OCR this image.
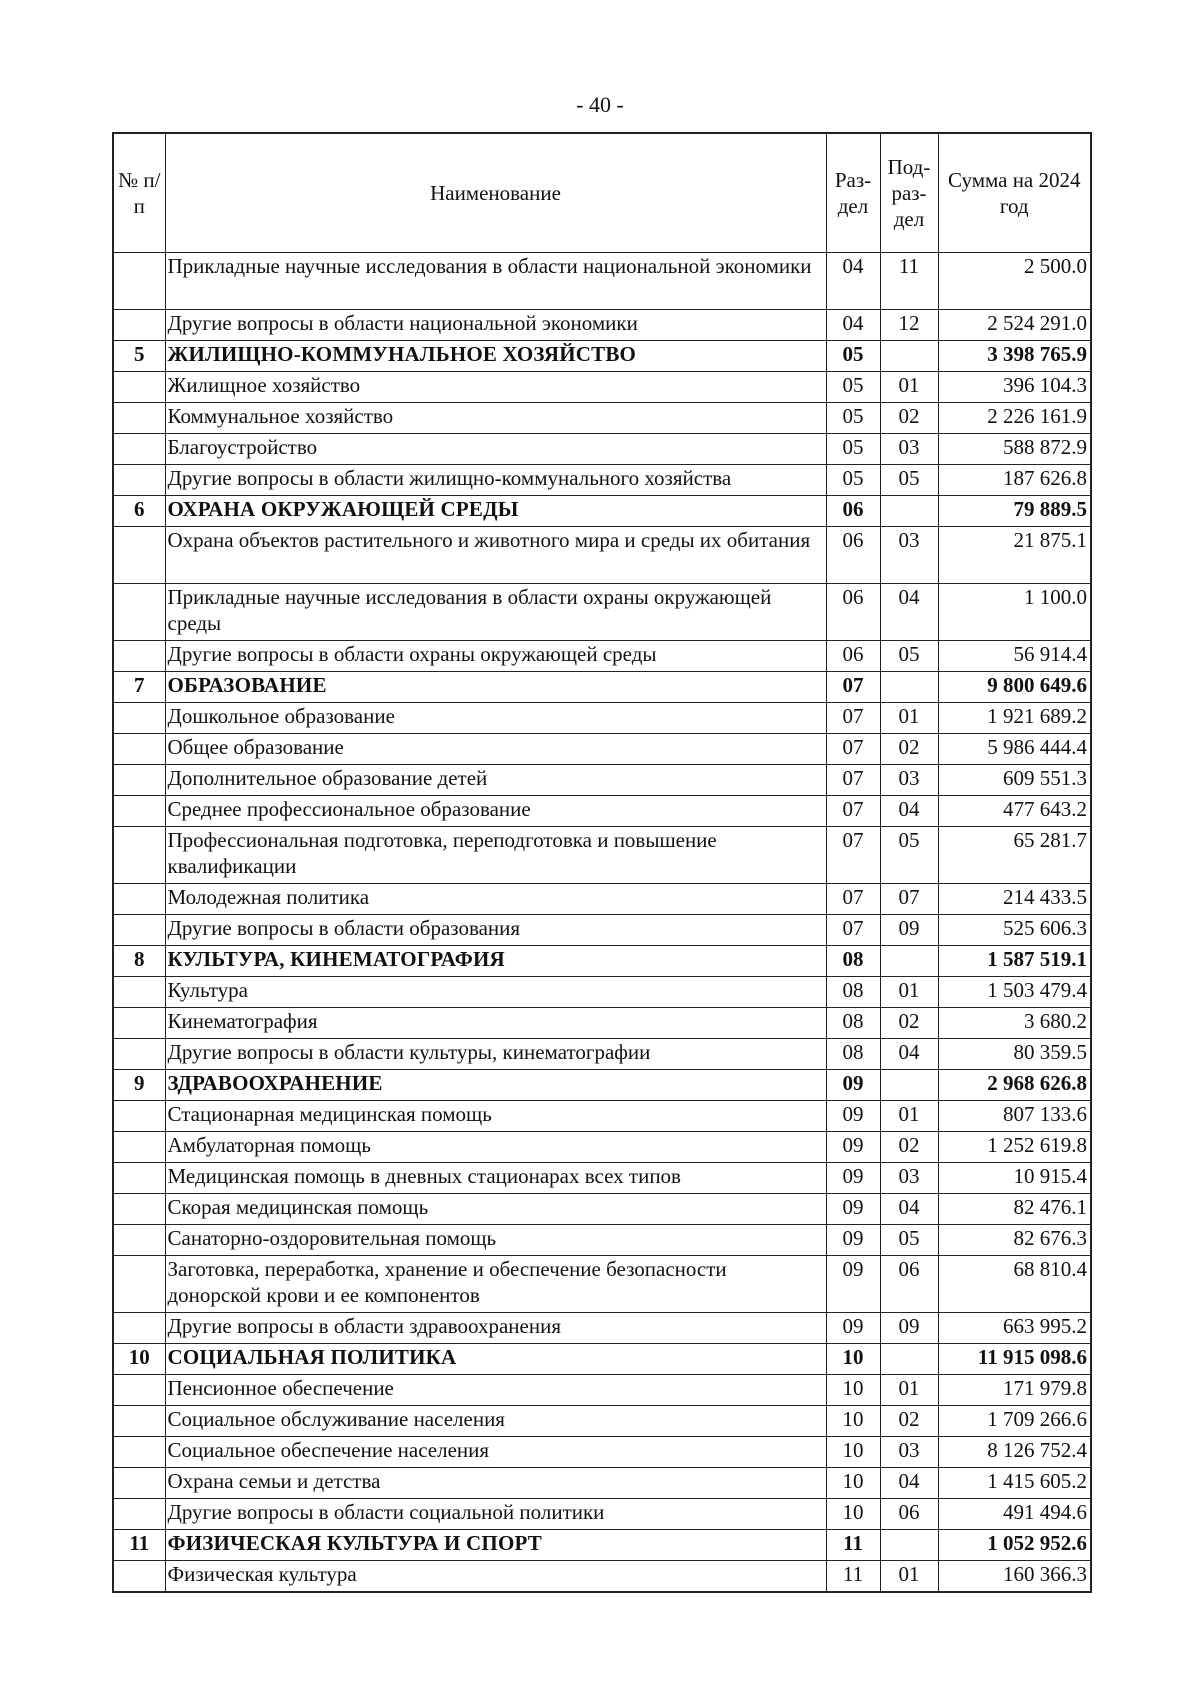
- 40 -
№ п/п	Наименование	Раз-дел	Под-раз-дел	Сумма на 2024 год
	Прикладные научные исследования в области национальной экономики	04	11	2 500.0
	Другие вопросы в области национальной экономики	04	12	2 524 291.0
5	ЖИЛИЩНО-КОММУНАЛЬНОЕ ХОЗЯЙСТВО	05		3 398 765.9
	Жилищное хозяйство	05	01	396 104.3
	Коммунальное хозяйство	05	02	2 226 161.9
	Благоустройство	05	03	588 872.9
	Другие вопросы в области жилищно-коммунального хозяйства	05	05	187 626.8
6	ОХРАНА ОКРУЖАЮЩЕЙ СРЕДЫ	06		79 889.5
	Охрана объектов растительного и животного мира и среды их обитания	06	03	21 875.1
	Прикладные научные исследования в области охраны окружающей среды	06	04	1 100.0
	Другие вопросы в области охраны окружающей среды	06	05	56 914.4
7	ОБРАЗОВАНИЕ	07		9 800 649.6
	Дошкольное образование	07	01	1 921 689.2
	Общее образование	07	02	5 986 444.4
	Дополнительное образование детей	07	03	609 551.3
	Среднее профессиональное образование	07	04	477 643.2
	Профессиональная подготовка, переподготовка и повышение квалификации	07	05	65 281.7
	Молодежная политика	07	07	214 433.5
	Другие вопросы в области образования	07	09	525 606.3
8	КУЛЬТУРА, КИНЕМАТОГРАФИЯ	08		1 587 519.1
	Культура	08	01	1 503 479.4
	Кинематография	08	02	3 680.2
	Другие вопросы в области культуры, кинематографии	08	04	80 359.5
9	ЗДРАВООХРАНЕНИЕ	09		2 968 626.8
	Стационарная медицинская помощь	09	01	807 133.6
	Амбулаторная помощь	09	02	1 252 619.8
	Медицинская помощь в дневных стационарах всех типов	09	03	10 915.4
	Скорая медицинская помощь	09	04	82 476.1
	Санаторно-оздоровительная помощь	09	05	82 676.3
	Заготовка, переработка, хранение и обеспечение безопасности донорской крови и ее компонентов	09	06	68 810.4
	Другие вопросы в области здравоохранения	09	09	663 995.2
10	СОЦИАЛЬНАЯ ПОЛИТИКА	10		11 915 098.6
	Пенсионное обеспечение	10	01	171 979.8
	Социальное обслуживание населения	10	02	1 709 266.6
	Социальное обеспечение населения	10	03	8 126 752.4
	Охрана семьи и детства	10	04	1 415 605.2
	Другие вопросы в области социальной политики	10	06	491 494.6
11	ФИЗИЧЕСКАЯ КУЛЬТУРА И СПОРТ	11		1 052 952.6
	Физическая культура	11	01	160 366.3
